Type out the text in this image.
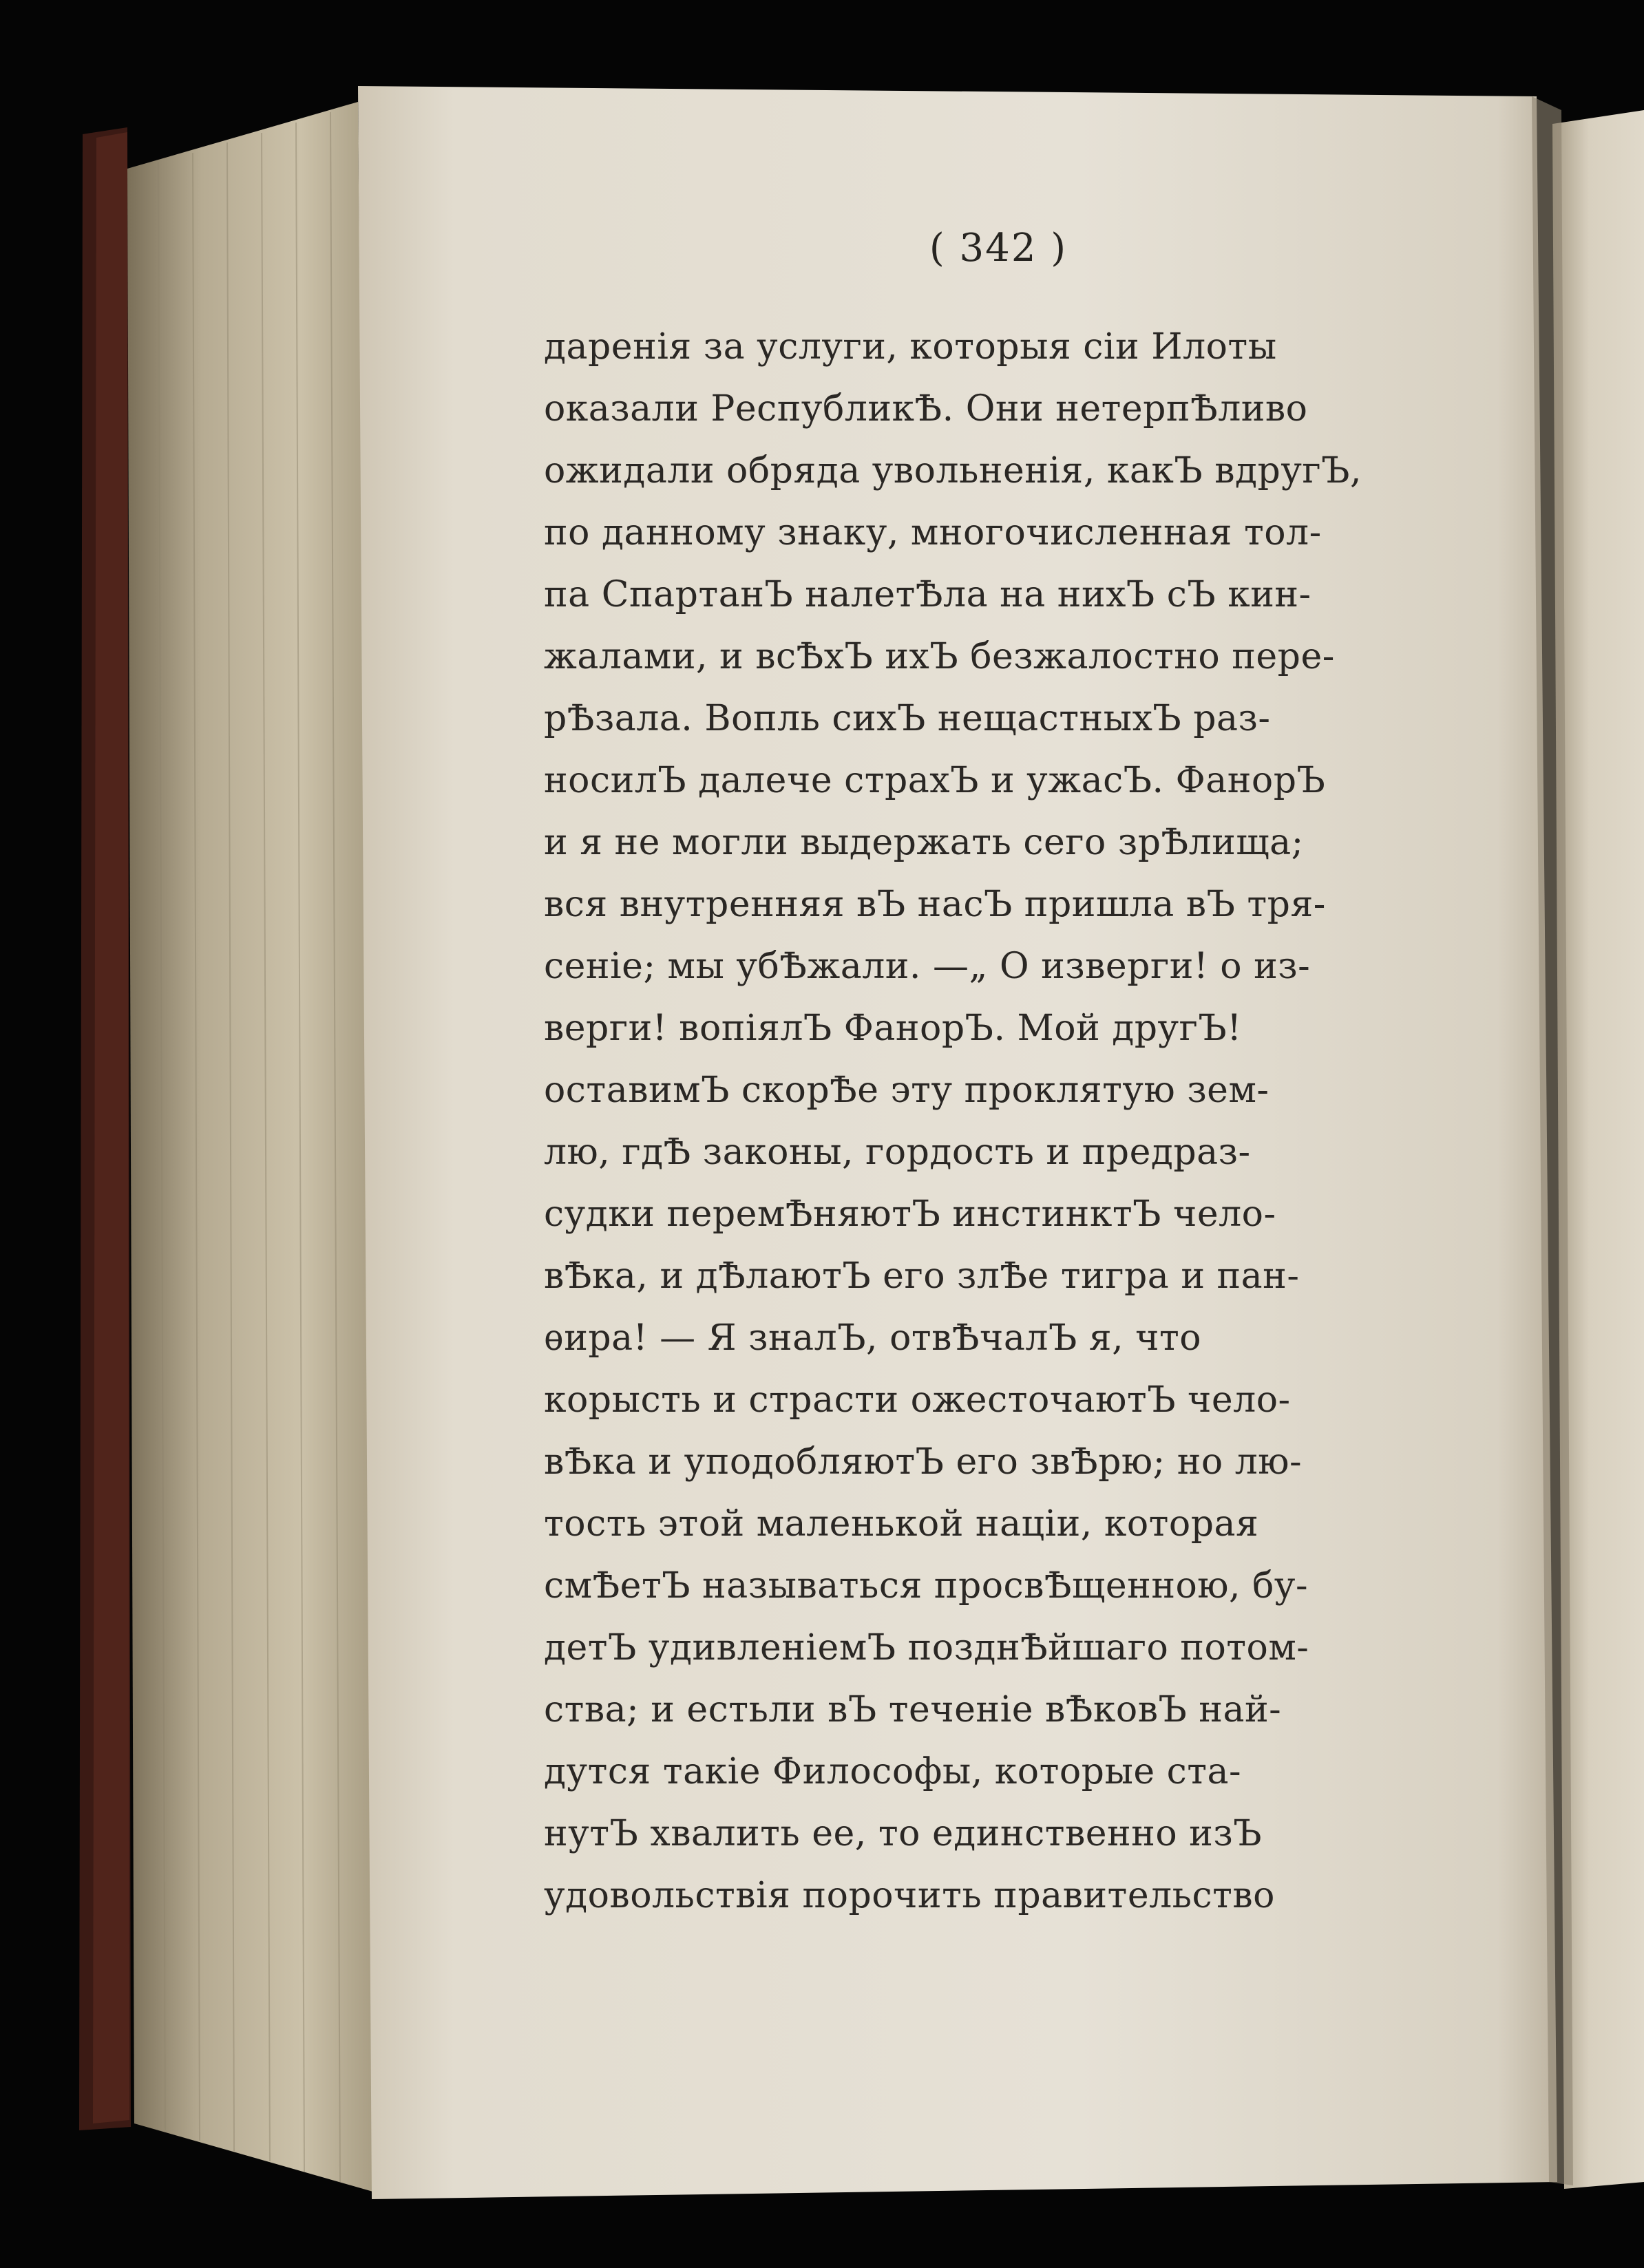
( 342 )
даренія за услуги, которыя сіи Илоты
оказали РеспубликѢ. Они нетерпѢливо
ожидали обряда увольненія, какЪ вдругЪ,
по данному знаку, многочисленная тол-
па СпартанЪ налетѢла на нихЪ сЪ кин-
жалами, и всѢхЪ ихЪ безжалостно пере-
рѢзала. Вопль сихЪ нещастныхЪ раз-
носилЪ далече страхЪ и ужасЪ. ФанорЪ
и я не могли выдержать сего зрѢлища;
вся внутренняя вЪ насЪ пришла вЪ тря-
сеніе; мы убѢжали. —„ О изверги! о из-
верги! вопіялЪ ФанорЪ. Мой другЪ!
оставимЪ скорѢе эту проклятую зем-
лю, гдѢ законы, гордость и предраз-
судки перемѢняютЪ инстинктЪ чело-
вѢка, и дѢлаютЪ его злѢе тигра и пан-
ѳира! — Я зналЪ, отвѢчалЪ я, что
корысть и страсти ожесточаютЪ чело-
вѢка и уподобляютЪ его звѢрю; но лю-
тость этой маленькой націи, которая
смѢетЪ называться просвѢщенною, бу-
детЪ удивленіемЪ позднѢйшаго потом-
ства; и естьли вЪ теченіе вѢковЪ най-
дутся такіе Философы, которые ста-
нутЪ хвалить ее, то единственно изЪ
удовольствія порочить правительство
